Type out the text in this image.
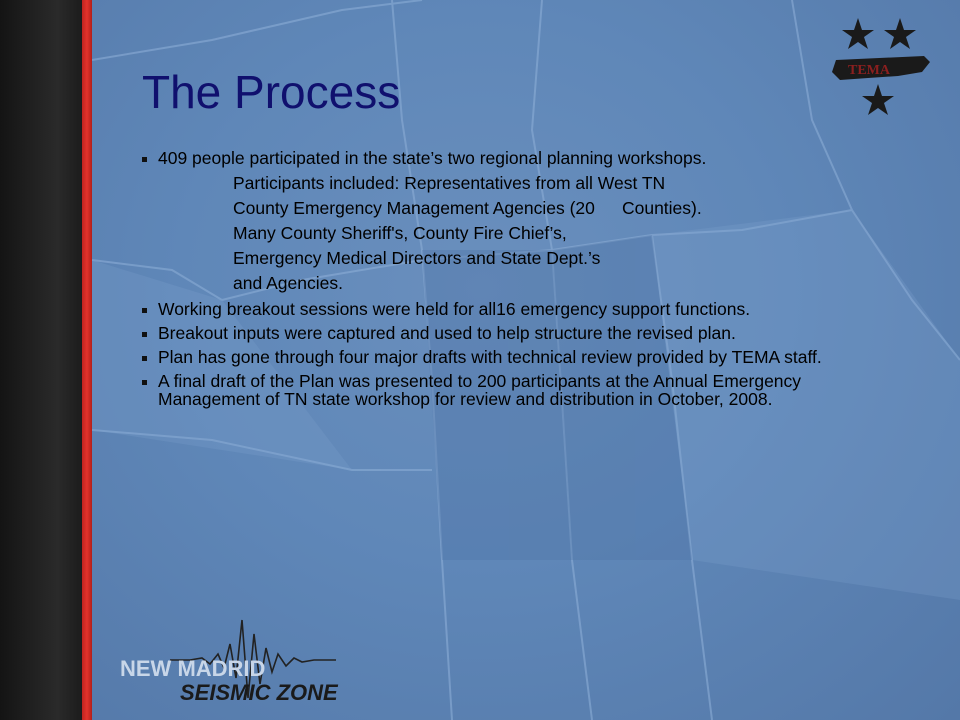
The Process
409 people participated in the state’s two regional planning workshops.
Participants included: Representatives from all West TN
County Emergency Management Agencies (20	Counties).
Many County Sheriff's, County Fire Chief’s,
Emergency Medical Directors and State Dept.’s
and Agencies.
Working breakout sessions were held for all16 emergency support functions.
Breakout inputs were captured and used to help structure the revised plan.
Plan has gone through four major drafts with technical review provided by TEMA staff.
A final draft of the Plan was presented to 200 participants at the Annual Emergency Management of TN state workshop for review and distribution in October, 2008.
TEMA
NEW MADRID
SEISMIC ZONE
